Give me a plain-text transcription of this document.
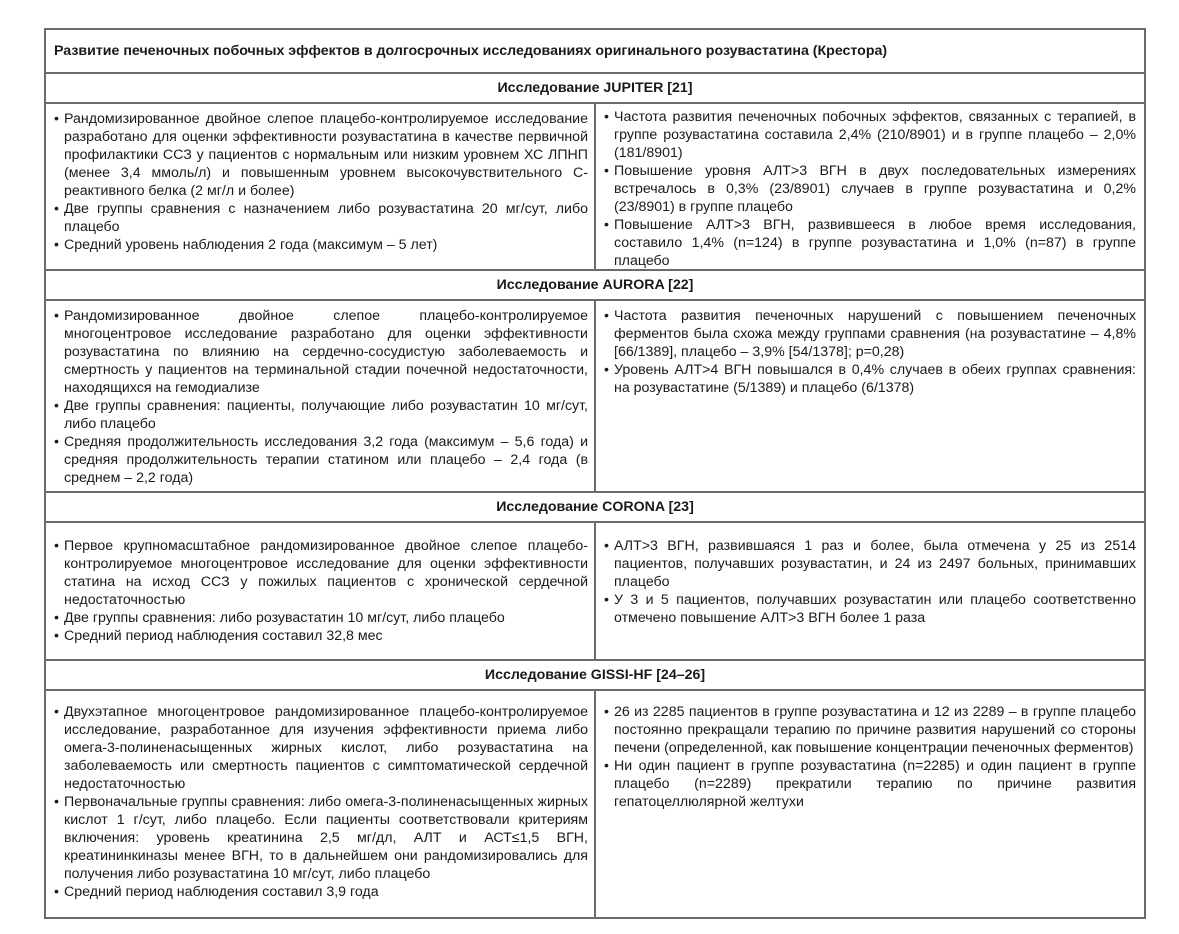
Развитие печеночных побочных эффектов в долгосрочных исследованиях оригинального розувастатина (Крестора)
Исследование JUPITER [21]
• Рандомизированное двойное слепое плацебо-контролируемое исследование разработано для оценки эффективности розувастатина в качестве первичной профилактики ССЗ у пациентов с нормальным или низким уровнем ХС ЛПНП (менее 3,4 ммоль/л) и повышенным уровнем высокочувствительного С-реактивного белка (2 мг/л и более)
• Две группы сравнения с назначением либо розувастатина 20 мг/сут, либо плацебо
• Средний уровень наблюдения 2 года (максимум – 5 лет)
• Частота развития печеночных побочных эффектов, связанных с терапией, в группе розувастатина составила 2,4% (210/8901) и в группе плацебо – 2,0% (181/8901)
• Повышение уровня АЛТ>3 ВГН в двух последовательных измерениях встречалось в 0,3% (23/8901) случаев в группе розувастатина и 0,2% (23/8901) в группе плацебо
• Повышение АЛТ>3 ВГН, развившееся в любое время исследования, составило 1,4% (n=124) в группе розувастатина и 1,0% (n=87) в группе плацебо
Исследование AURORA [22]
• Рандомизированное двойное слепое плацебо-контролируемое многоцентровое исследование разработано для оценки эффективности розувастатина по влиянию на сердечно-сосудистую заболеваемость и смертность у пациентов на терминальной стадии почечной недостаточности, находящихся на гемодиализе
• Две группы сравнения: пациенты, получающие либо розувастатин 10 мг/сут, либо плацебо
• Средняя продолжительность исследования 3,2 года (максимум – 5,6 года) и средняя продолжительность терапии статином или плацебо – 2,4 года (в среднем – 2,2 года)
• Частота развития печеночных нарушений с повышением печеночных ферментов была схожа между группами сравнения (на розувастатине – 4,8% [66/1389], плацебо – 3,9% [54/1378]; p=0,28)
• Уровень АЛТ>4 ВГН повышался в 0,4% случаев в обеих группах сравнения: на розувастатине (5/1389) и плацебо (6/1378)
Исследование CORONA [23]
• Первое крупномасштабное рандомизированное двойное слепое плацебо-контролируемое многоцентровое исследование для оценки эффективности статина на исход ССЗ у пожилых пациентов с хронической сердечной недостаточностью
• Две группы сравнения: либо розувастатин 10 мг/сут, либо плацебо
• Средний период наблюдения составил 32,8 мес
• АЛТ>3 ВГН, развившаяся 1 раз и более, была отмечена у 25 из 2514 пациентов, получавших розувастатин, и 24 из 2497 больных, принимавших плацебо
• У 3 и 5 пациентов, получавших розувастатин или плацебо соответственно отмечено повышение АЛТ>3 ВГН более 1 раза
Исследование GISSI-HF [24–26]
• Двухэтапное многоцентровое рандомизированное плацебо-контролируемое исследование, разработанное для изучения эффективности приема либо омега-3-полиненасыщенных жирных кислот, либо розувастатина на заболеваемость или смертность пациентов с симптоматической сердечной недостаточностью
• Первоначальные группы сравнения: либо омега-3-полиненасыщенных жирных кислот 1 г/сут, либо плацебо. Если пациенты соответствовали критериям включения: уровень креатинина 2,5 мг/дл, АЛТ и АСТ≤1,5 ВГН, креатининкиназы менее ВГН, то в дальнейшем они рандомизировались для получения либо розувастатина 10 мг/сут, либо плацебо
• Средний период наблюдения составил 3,9 года
• 26 из 2285 пациентов в группе розувастатина и 12 из 2289 – в группе плацебо постоянно прекращали терапию по причине развития нарушений со стороны печени (определенной, как повышение концентрации печеночных ферментов)
• Ни один пациент в группе розувастатина (n=2285) и один пациент в группе плацебо (n=2289) прекратили терапию по причине развития гепатоцеллюлярной желтухи
